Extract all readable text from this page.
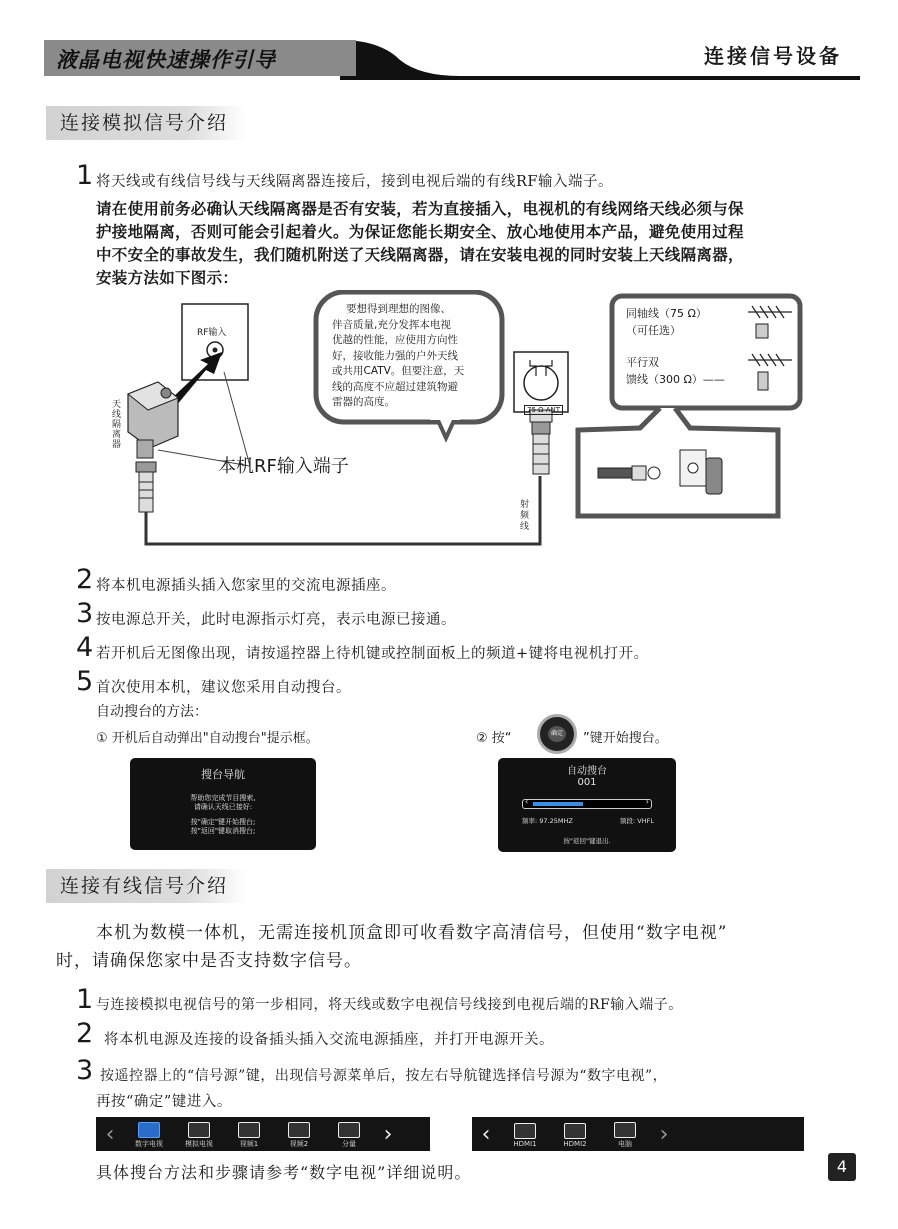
液晶电视快速操作引导	连接信号设备
连接模拟信号介绍
1 将天线或有线信号线与天线隔离器连接后，接到电视后端的有线RF输入端子。
请在使用前务必确认天线隔离器是否有安装，若为直接插入，电视机的有线网络天线必须与保
护接地隔离，否则可能会引起着火。为保证您能长期安全、放心地使用本产品，避免使用过程
中不安全的事故发生，我们随机附送了天线隔离器，请在安装电视的同时安装上天线隔离器，
安装方法如下图示：
RF输入
天线隔离器
本机RF输入端子
要想得到理想的图像、
伴音质量,充分发挥本电视
优越的性能，应使用方向性
好，接收能力强的户外天线
或共用CATV。但要注意，天
线的高度不应超过建筑物避
雷器的高度。
75 Ω ANT
同轴线（75 Ω）
（可任选）
平行双
馈线（300 Ω）——
射频线
2 将本机电源插头插入您家里的交流电源插座。
3 按电源总开关，此时电源指示灯亮，表示电源已接通。
4 若开机后无图像出现，请按遥控器上待机键或控制面板上的频道+键将电视机打开。
5 首次使用本机，建议您采用自动搜台。
自动搜台的方法：
① 开机后自动弹出"自动搜台"提示框。	② 按“	确定 ”键开始搜台。
搜台导航
帮助您完成节目搜索,
请确认天线已接好:
按"确定"键开始搜台;
按"返回"键取消搜台;
自动搜台
001
‹	›
频率: 97.25MHZ	频段: VHFL
按"返回"键退出.
连接有线信号介绍
本机为数模一体机，无需连接机顶盒即可收看数字高清信号，但使用“数字电视”
时，请确保您家中是否支持数字信号。
1 与连接模拟电视信号的第一步相同，将天线或数字电视信号线接到电视后端的RF输入端子。
2 将本机电源及连接的设备插头插入交流电源插座，并打开电源开关。
3 按遥控器上的“信号源”键，出现信号源菜单后，按左右导航键选择信号源为“数字电视”，
再按“确定”键进入。
‹	数字电视	模拟电视	视频1	视频2	分量	›	‹	HDMI1	HDMI2	电脑	›
具体搜台方法和步骤请参考“数字电视”详细说明。	4
